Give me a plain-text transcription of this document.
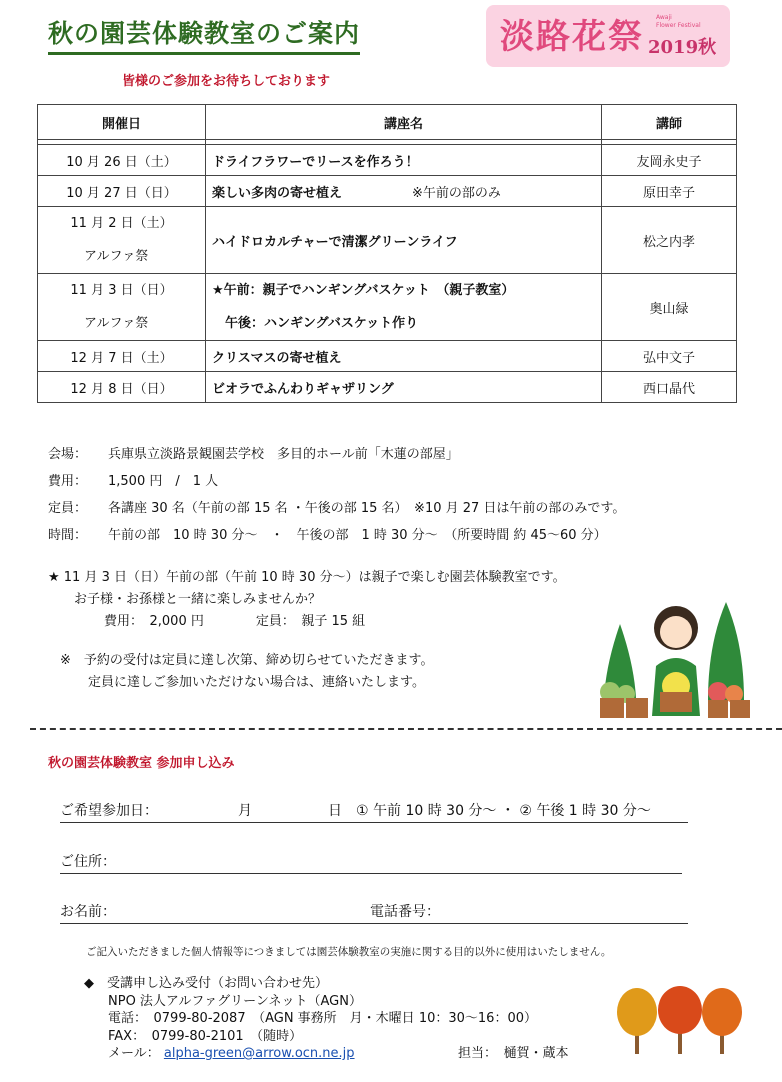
秋の園芸体験教室のご案内
皆様のご参加をお待ちしております
淡路花祭 Awaji
Flower Festival
2019秋
開催日	講座名	講師

10 月 26 日（土）	ドライフラワーでリースを作ろう！	友岡永史子
10 月 27 日（日）	楽しい多肉の寄せ植え ※午前の部のみ	原田幸子

11 月 2 日（土）
アルファ祭	ハイドロカルチャーで清潔グリーンライフ	松之内孝

11 月 3 日（日）
アルファ祭	★午前：親子でハンギングバスケット　（親子教室）
　午後：ハンギングバスケット作り	奥山緑
12 月 7 日（土）	クリスマスの寄せ植え	弘中文子
12 月 8 日（日）	ビオラでふんわりギャザリング	西口晶代
会場： 兵庫県立淡路景観園芸学校　多目的ホール前「木蓮の部屋」
費用： 1,500 円　/　1 人
定員： 各講座 30 名（午前の部 15 名 ・午後の部 15 名）　※10 月 27 日は午前の部のみです。
時間： 午前の部　10 時 30 分～　・　午後の部　1 時 30 分～　（所要時間 約 45～60 分）
★ 11 月 3 日（日）午前の部（午前 10 時 30 分～）は親子で楽しむ園芸体験教室です。
お子様・お孫様と一緒に楽しみませんか？
費用：　2,000 円　　　　定員：　親子 15 組
※　予約の受付は定員に達し次第、締め切らせていただきます。
定員に達しご参加いただけない場合は、連絡いたします。
秋の園芸体験教室 参加申し込み
ご希望参加日：	月	日 ① 午前 10 時 30 分～ ・ ② 午後 1 時 30 分～
ご住所：
お名前：	電話番号：
ご記入いただきました個人情報等につきましては園芸体験教室の実施に関する目的以外に使用はいたしません。
◆　受講申し込み受付（お問い合わせ先）
NPO 法人アルファグリーンネット（AGN）
電話：　0799-80-2087　（AGN 事務所　月・木曜日 10：30～16：00）
FAX：　0799-80-2101　（随時）
メール： alpha-green@arrow.ocn.ne.jp	担当：　樋賀・蔵本
